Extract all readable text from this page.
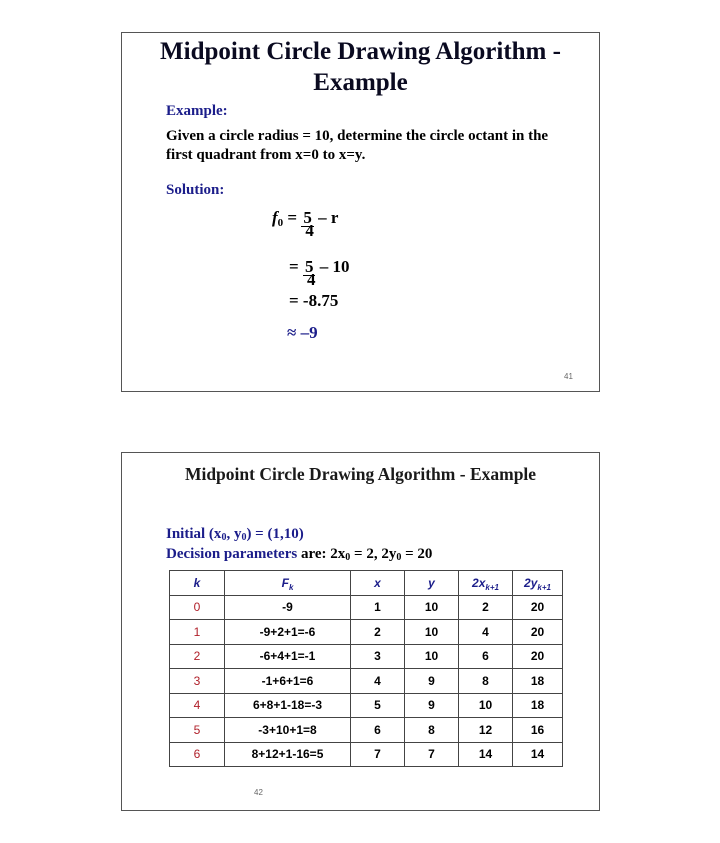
Midpoint Circle Drawing Algorithm - Example
Example:
Given a circle radius = 10, determine the circle octant in the first quadrant from x=0 to x=y.
Solution:
$f0 = \frac{5}{4} - r$
= $\frac{5}{4} - 10$
= -8.75
≈ –9
41
Midpoint Circle Drawing Algorithm - Example
Initial (x0, y0) = (1,10)
Decision parameters are: 2x0 = 2, 2y0 = 20
k	$F_k$	x	y	$2x_{k+1}$	$2y_{k+1}$
0	-9	1	10	2	20
1	-9+2+1=-6	2	10	4	20
2	-6+4+1=-1	3	10	6	20
3	-1+6+1=6	4	9	8	18
4	6+8+1-18=-3	5	9	10	18
5	-3+10+1=8	6	8	12	16
6	8+12+1-16=5	7	7	14	14
42
